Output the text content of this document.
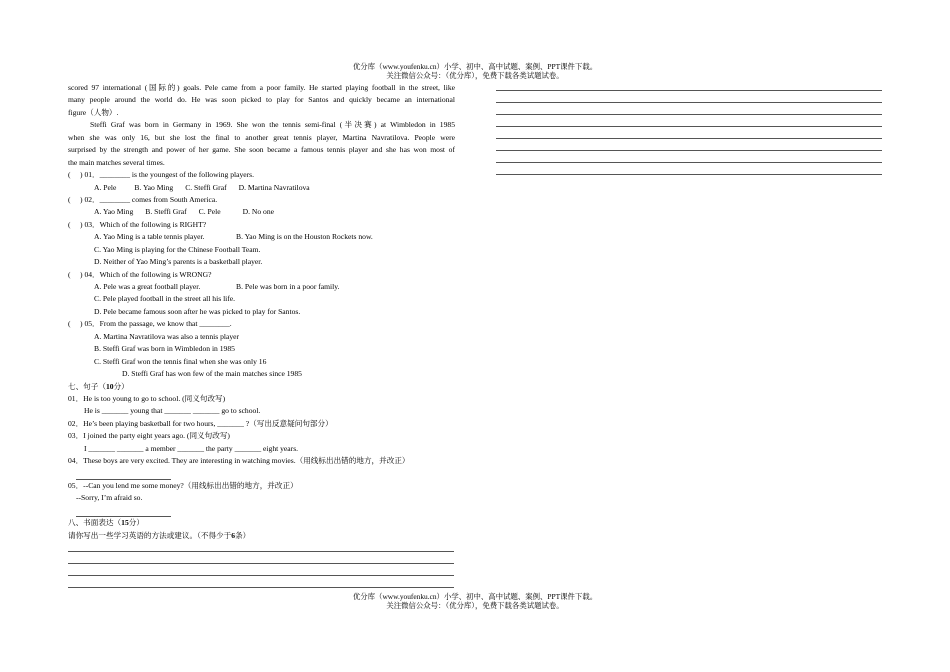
优分库（www.youfenku.cn）小学、初中、高中试题、案例、PPT课件下载。
关注微信公众号：（优分库），免费下载各类试题试卷。
scored 97 international (国际的) goals. Pele came from a poor family. He started playing football in the street, like
many people around the world do. He was soon picked to play for Santos and quickly became an international
figure（人物）.
Steffi Graf was born in Germany in 1969. She won the tennis semi-final (半决赛) at Wimbledon in 1985
when she was only 16, but she lost the final to another great tennis player, Martina Navratilova. People were
surprised by the strength and power of her game. She soon became a famous tennis player and she has won most of
the main matches several times.
(　 ) 01．________ is the youngest of the following players.
A. Pele B. Yao Ming C. Steffi Graf D. Martina Navratilova
(　 ) 02．________ comes from South America.
A. Yao Ming B. Steffi Graf C. Pele	D. No one
(　 ) 03．Which of the following is RIGHT?
A. Yao Ming is a table tennis player.	B. Yao Ming is on the Houston Rockets now.
C. Yao Ming is playing for the Chinese Football Team.
D. Neither of Yao Ming’s parents is a basketball player.
(　 ) 04．Which of the following is WRONG?
A. Pele was a great football player.	B. Pele was born in a poor family.
C. Pele played football in the street all his life.
D. Pele became famous soon after he was picked to play for Santos.
(　 ) 05．From the passage, we know that ________.
A. Martina Navratilova was also a tennis player
B. Steffi Graf was born in Wimbledon in 1985
C. Steffi Graf won the tennis final when she was only 16
D. Steffi Graf has won few of the main matches since 1985
七、句子（10分）
01．He is too young to go to school. (同义句改写)
He is _______ young that _______ _______ go to school.
02．He’s been playing basketball for two hours, _______ ?（写出反意疑问句部分）
03．I joined the party eight years ago. (同义句改写)
I _______ _______ a member _______ the party _______ eight years.
04．These boys are very excited. They are interesting in watching movies.（用线标出出错的地方，并改正）
05．--Can you lend me some money?（用线标出出错的地方，并改正）
--Sorry, I’m afraid so.
八、书面表达（15分）
请你写出一些学习英语的方法或建议。（不得少于6条）
优分库（www.youfenku.cn）小学、初中、高中试题、案例、PPT课件下载。
关注微信公众号：（优分库），免费下载各类试题试卷。
